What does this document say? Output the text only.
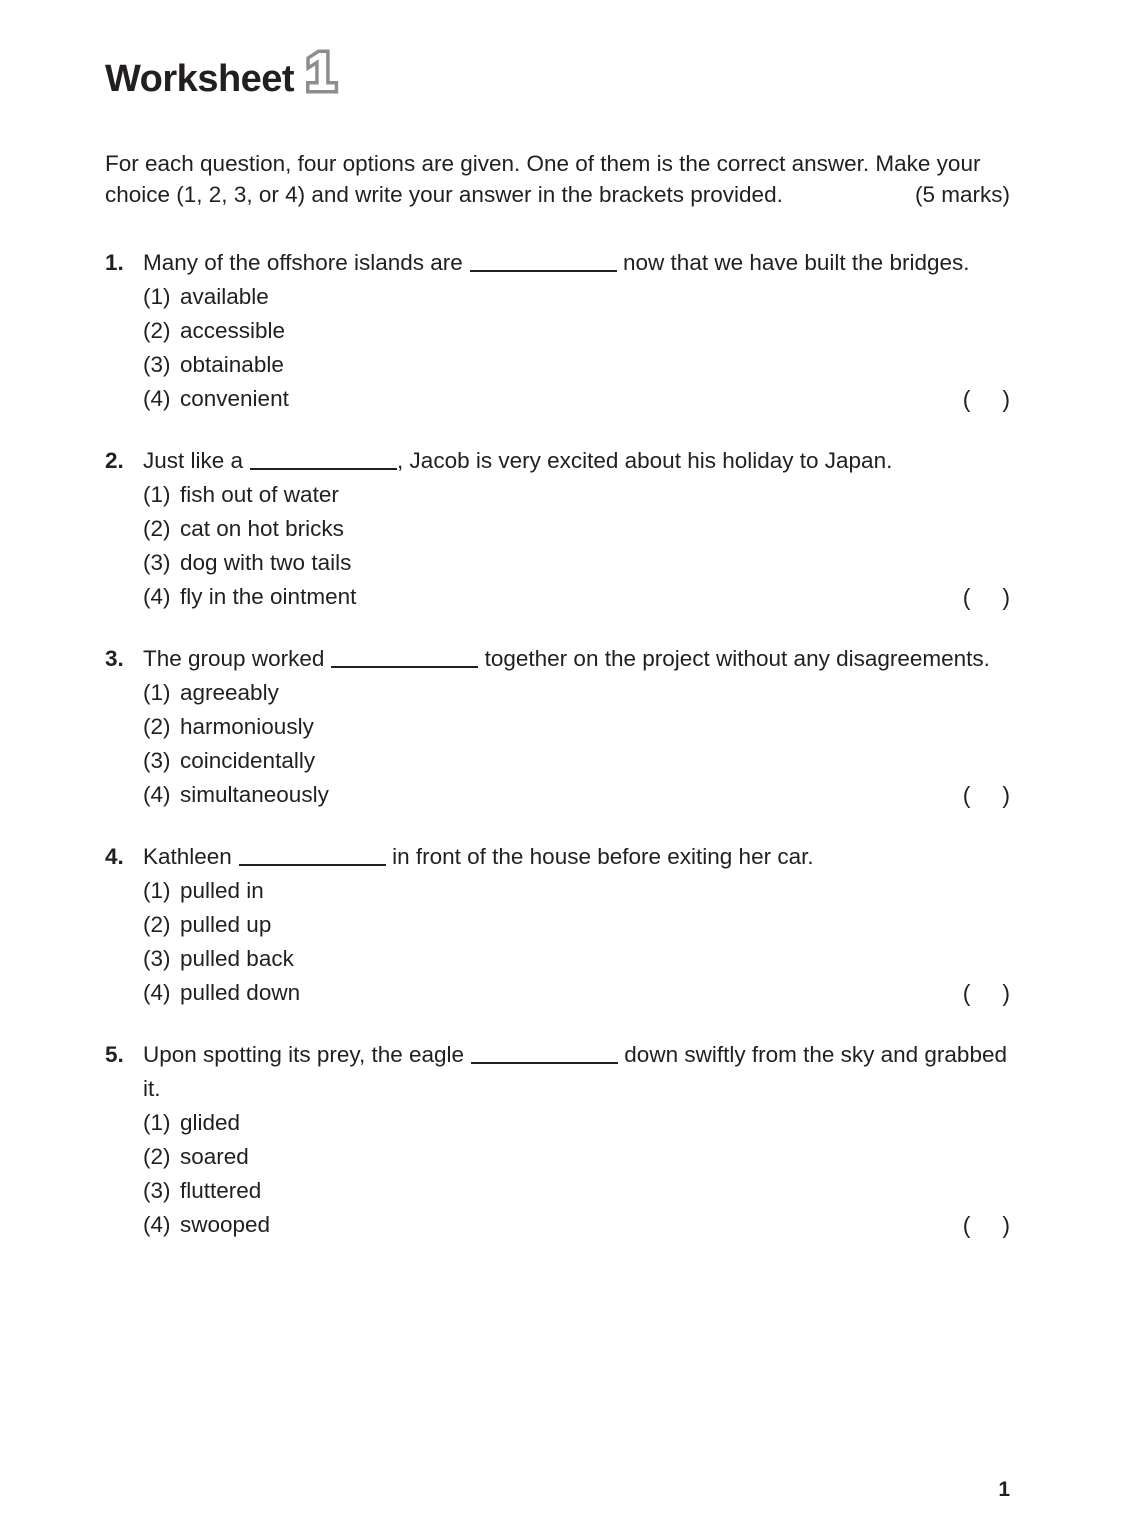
Worksheet 1

For each question, four options are given. One of them is the correct answer. Make your choice (1, 2, 3, or 4) and write your answer in the brackets provided.	(5 marks)

1. Many of the offshore islands are	now that we have built the bridges.

(1) available
(2) accessible
(3) obtainable
(4) convenient	(     )
2. Just like a	, Jacob is very excited about his holiday to Japan.

(1) fish out of water
(2) cat on hot bricks
(3) dog with two tails
(4) fly in the ointment	(     )
3. The group worked	together on the project without any disagreements.

(1) agreeably
(2) harmoniously
(3) coincidentally
(4) simultaneously	(     )
4. Kathleen	in front of the house before exiting her car.

(1) pulled in
(2) pulled up
(3) pulled back
(4) pulled down	(     )
5. Upon spotting its prey, the eagle	down swiftly from the sky and grabbed it.

(1) glided
(2) soared
(3) fluttered
(4) swooped	(     )
1
